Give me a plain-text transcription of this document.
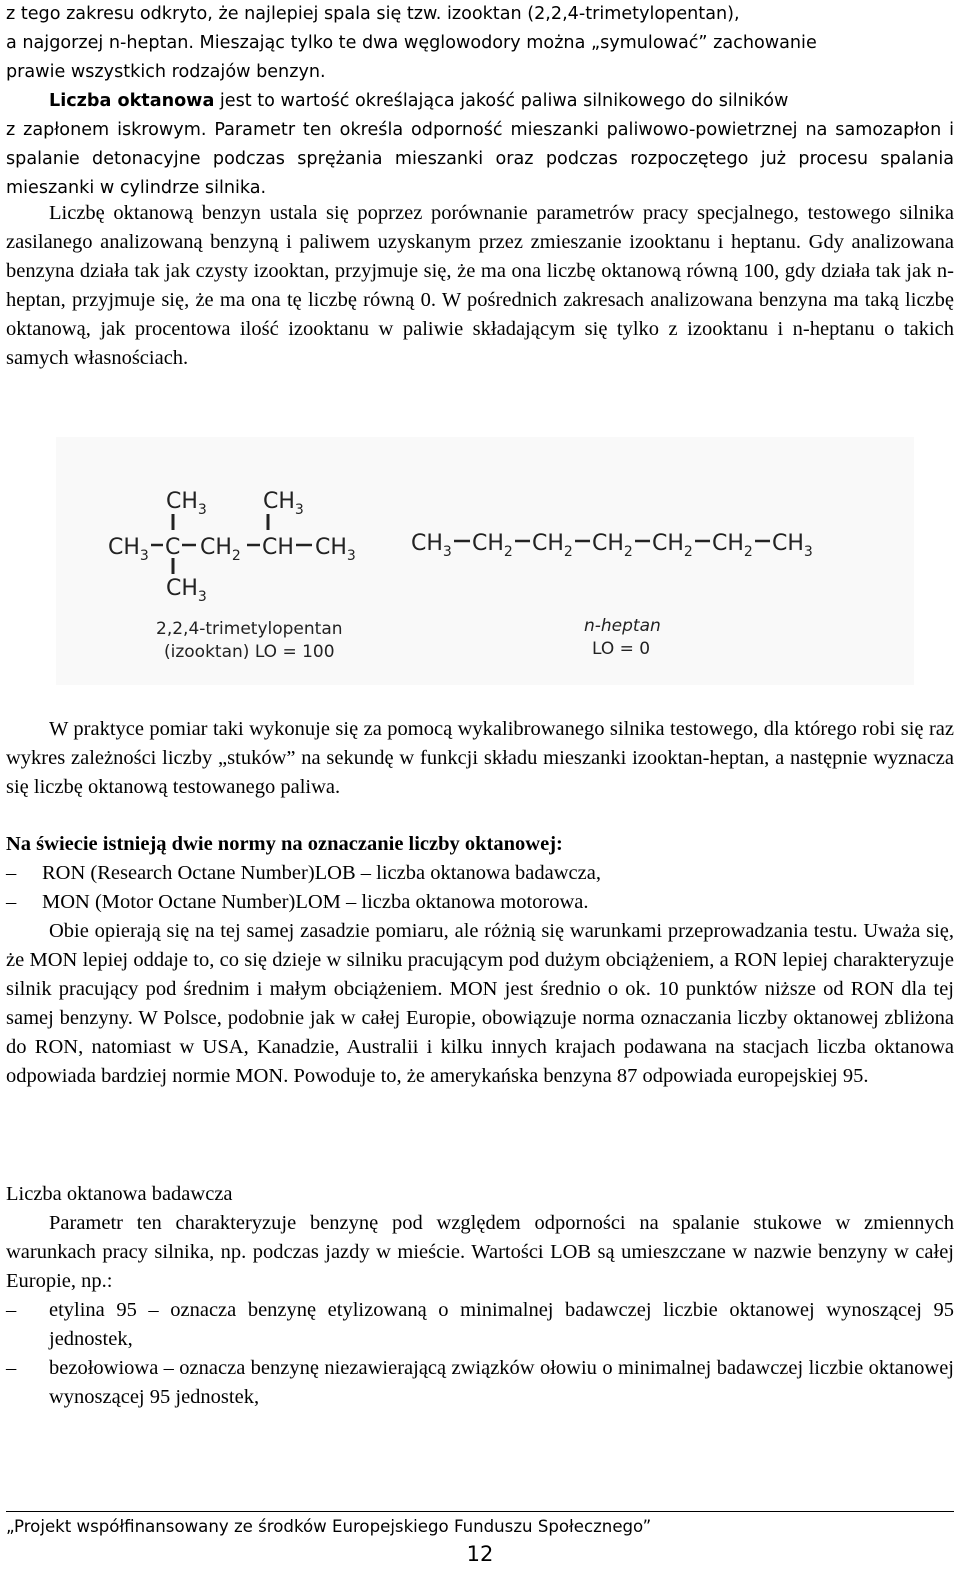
z tego zakresu odkryto, że najlepiej spala się tzw. izooktan (2,2,4-trimetylopentan),

a najgorzej n-heptan. Mieszając tylko te dwa węglowodory można „symulować” zachowanie

prawie wszystkich rodzajów benzyn.

Liczba oktanowa jest to wartość określająca jakość paliwa silnikowego do silników

z zapłonem iskrowym. Parametr ten określa odporność mieszanki paliwowo-powietrznej na samozapłon i spalanie detonacyjne podczas sprężania mieszanki oraz podczas rozpoczętego już procesu spalania mieszanki w cylindrze silnika.

Liczbę oktanową benzyn ustala się poprzez porównanie parametrów pracy specjalnego, testowego silnika zasilanego analizowaną benzyną i paliwem uzyskanym przez zmieszanie izooktanu i heptanu. Gdy analizowana benzyna działa tak jak czysty izooktan, przyjmuje się, że ma ona liczbę oktanową równą 100, gdy działa tak jak n-heptan, przyjmuje się, że ma ona tę liczbę równą 0. W pośrednich zakresach analizowana benzyna ma taką liczbę oktanową, jak procentowa ilość izooktanu w paliwie składającym się tylko z izooktanu i n-heptanu o takich samych własnościach.

$CH_3$	$CH_3$
$CH_3$ C $CH_2$ CH $CH_3$
$CH_3$
2,2,4-trimetylopentan
(izooktan) LO = 100
$CH_3$ $CH_2$ $CH_2$ $CH_2$ $CH_2$ $CH_2$ $CH_3$
n-heptan
LO = 0

W praktyce pomiar taki wykonuje się za pomocą wykalibrowanego silnika testowego, dla którego robi się raz wykres zależności liczby „stuków” na sekundę w funkcji składu mieszanki izooktan-heptan, a następnie wyznacza się liczbę oktanową testowanego paliwa.

Na świecie istnieją dwie normy na oznaczanie liczby oktanowej:

– RON (Research Octane Number)LOB – liczba oktanowa badawcza,
– MON (Motor Octane Number)LOM – liczba oktanowa motorowa.

Obie opierają się na tej samej zasadzie pomiaru, ale różnią się warunkami przeprowadzania testu. Uważa się, że MON lepiej oddaje to, co się dzieje w silniku pracującym pod dużym obciążeniem, a RON lepiej charakteryzuje silnik pracujący pod średnim i małym obciążeniem. MON jest średnio o ok. 10 punktów niższe od RON dla tej samej benzyny. W Polsce, podobnie jak w całej Europie, obowiązuje norma oznaczania liczby oktanowej zbliżona do RON, natomiast w USA, Kanadzie, Australii i kilku innych krajach podawana na stacjach liczba oktanowa odpowiada bardziej normie MON. Powoduje to, że amerykańska benzyna 87 odpowiada europejskiej 95.

Liczba oktanowa badawcza

Parametr ten charakteryzuje benzynę pod względem odporności na spalanie stukowe w zmiennych warunkach pracy silnika, np. podczas jazdy w mieście. Wartości LOB są umieszczane w nazwie benzyny w całej Europie, np.:

– etylina 95 – oznacza benzynę etylizowaną o minimalnej badawczej liczbie oktanowej wynoszącej 95 jednostek,
– bezołowiowa – oznacza benzynę niezawierającą związków ołowiu o minimalnej badawczej liczbie oktanowej wynoszącej 95 jednostek,
„Projekt współfinansowany ze środków Europejskiego Funduszu Społecznego”
12
